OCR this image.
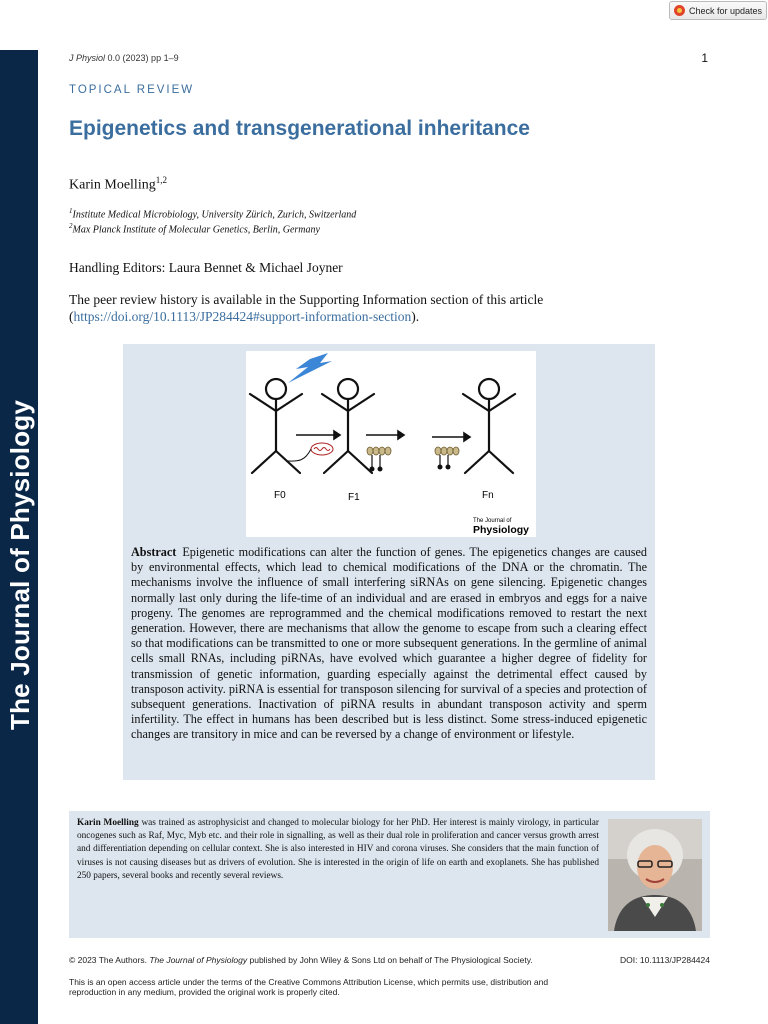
Check for updates
The Journal of Physiology
J Physiol 0.0 (2023) pp 1–9	1
TOPICAL REVIEW
Epigenetics and transgenerational inheritance
Karin Moelling$^{1,2}$
$^1$Institute Medical Microbiology, University Zürich, Zurich, Switzerland
$^2$Max Planck Institute of Molecular Genetics, Berlin, Germany
Handling Editors: Laura Bennet & Michael Joyner
The peer review history is available in the Supporting Information section of this article (https://doi.org/10.1113/JP284424#support-information-section).
F0	F1	Fn
The Journal of
Physiology

Abstract Epigenetic modifications can alter the function of genes. The epigenetics changes are caused by environmental effects, which lead to chemical modifications of the DNA or the chromatin. The mechanisms involve the influence of small interfering siRNAs on gene silencing. Epigenetic changes normally last only during the life-time of an individual and are erased in embryos and eggs for a naive progeny. The genomes are reprogrammed and the chemical modifications removed to restart the next generation. However, there are mechanisms that allow the genome to escape from such a clearing effect so that modifications can be transmitted to one or more subsequent generations. In the germline of animal cells small RNAs, including piRNAs, have evolved which guarantee a higher degree of fidelity for transmission of genetic information, guarding especially against the detrimental effect caused by transposon activity. piRNA is essential for transposon silencing for survival of a species and protection of subsequent generations. Inactivation of piRNA results in abundant transposon activity and sperm infertility. The effect in humans has been described but is less distinct. Some stress-induced epigenetic changes are transitory in mice and can be reversed by a change of environment or lifestyle.

Karin Moelling was trained as astrophysicist and changed to molecular biology for her PhD. Her interest is mainly virology, in particular oncogenes such as Raf, Myc, Myb etc. and their role in signalling, as well as their dual role in proliferation and cancer versus growth arrest and differentiation depending on cellular context. She is also interested in HIV and corona viruses. She considers that the main function of viruses is not causing diseases but as drivers of evolution. She is interested in the origin of life on earth and exoplanets. She has published 250 papers, several books and recently several reviews.

© 2023 The Authors. The Journal of Physiology published by John Wiley & Sons Ltd on behalf of The Physiological Society.	DOI: 10.1113/JP284424
This is an open access article under the terms of the Creative Commons Attribution License, which permits use, distribution and reproduction in any medium, provided the original work is properly cited.
